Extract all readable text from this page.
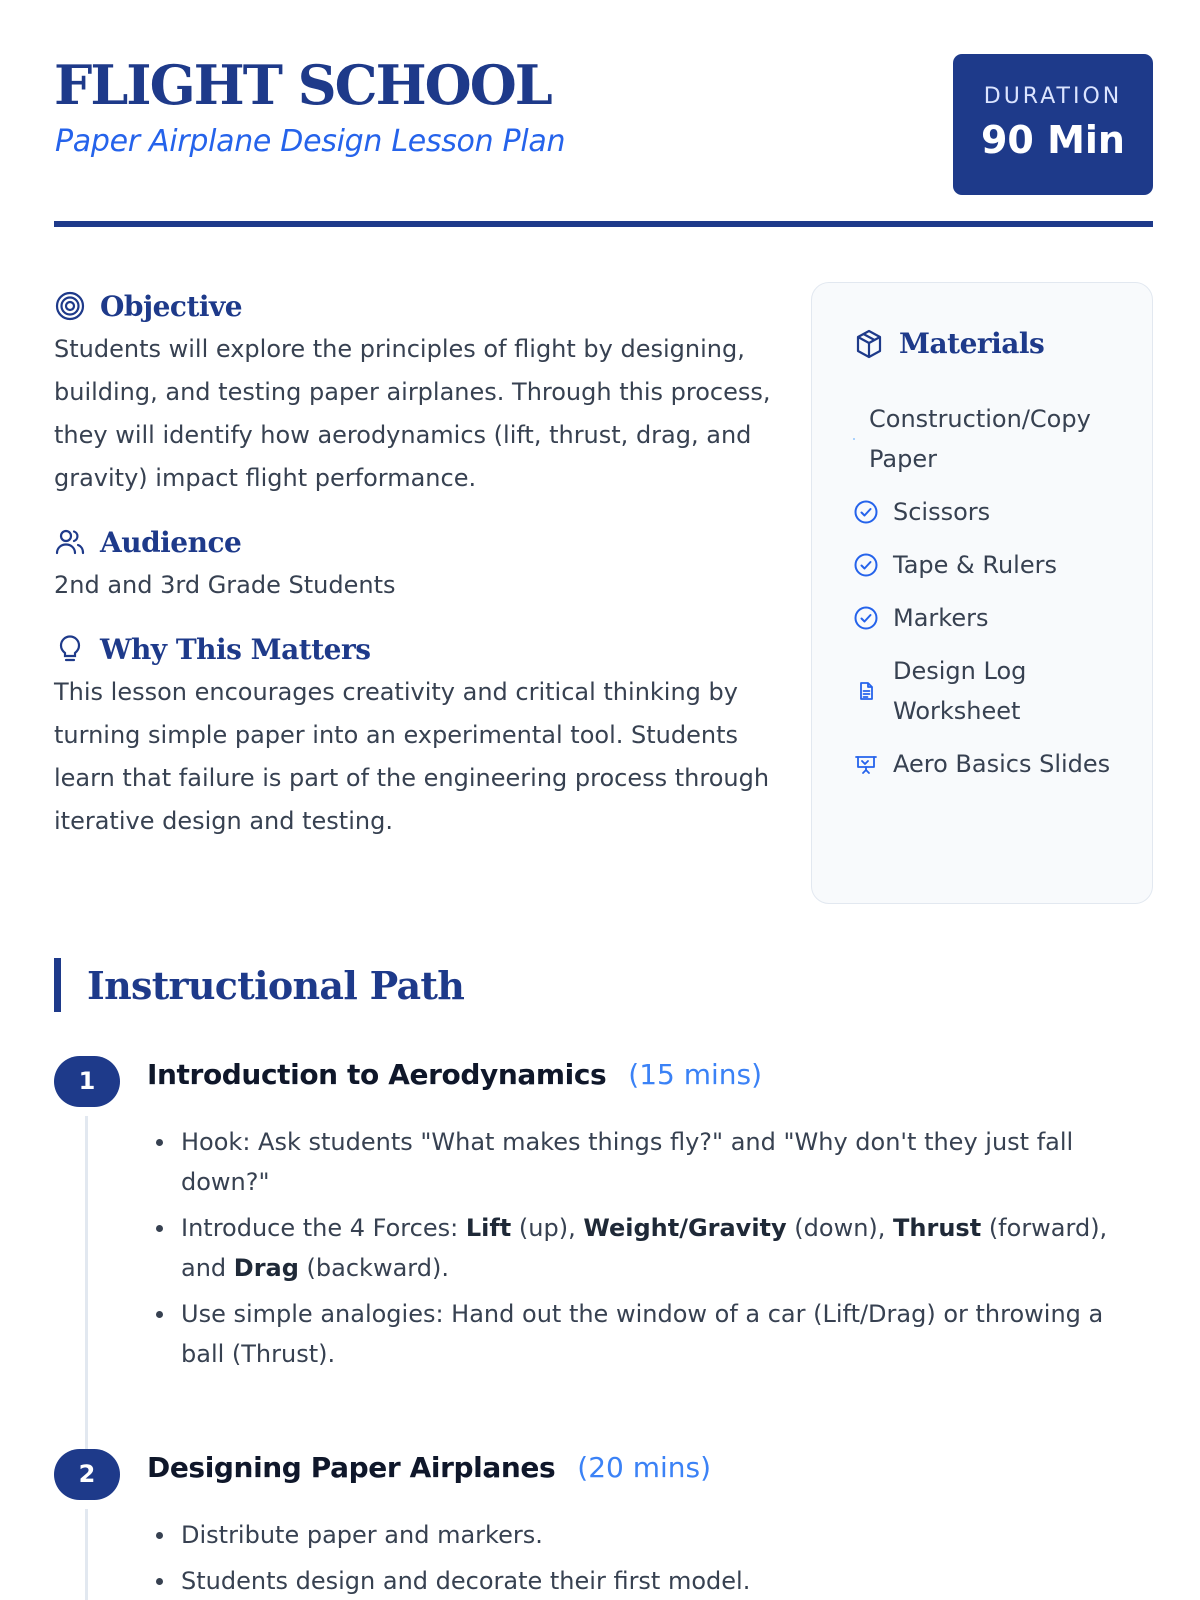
FLIGHT SCHOOL
Paper Airplane Design Lesson Plan
DURATION
90 Min
Objective

Students will explore the principles of flight by designing, building, and testing paper airplanes. Through this process, they will identify how aerodynamics (lift, thrust, drag, and gravity) impact flight performance.

Audience

2nd and 3rd Grade Students

Why This Matters

This lesson encourages creativity and critical thinking by turning simple paper into an experimental tool. Students learn that failure is part of the engineering process through iterative design and testing.

Materials
Construction/Copy Paper
Scissors
Tape & Rulers
Markers
Design Log Worksheet
Aero Basics Slides
Instructional Path
1	Introduction to Aerodynamics (15 mins)
Hook: Ask students "What makes things fly?" and "Why don't they just fall down?"
Introduce the 4 Forces: Lift (up), Weight/Gravity (down), Thrust (forward), and Drag (backward).
Use simple analogies: Hand out the window of a car (Lift/Drag) or throwing a ball (Thrust).
2	Designing Paper Airplanes (20 mins)
Distribute paper and markers.
Students design and decorate their first model.
